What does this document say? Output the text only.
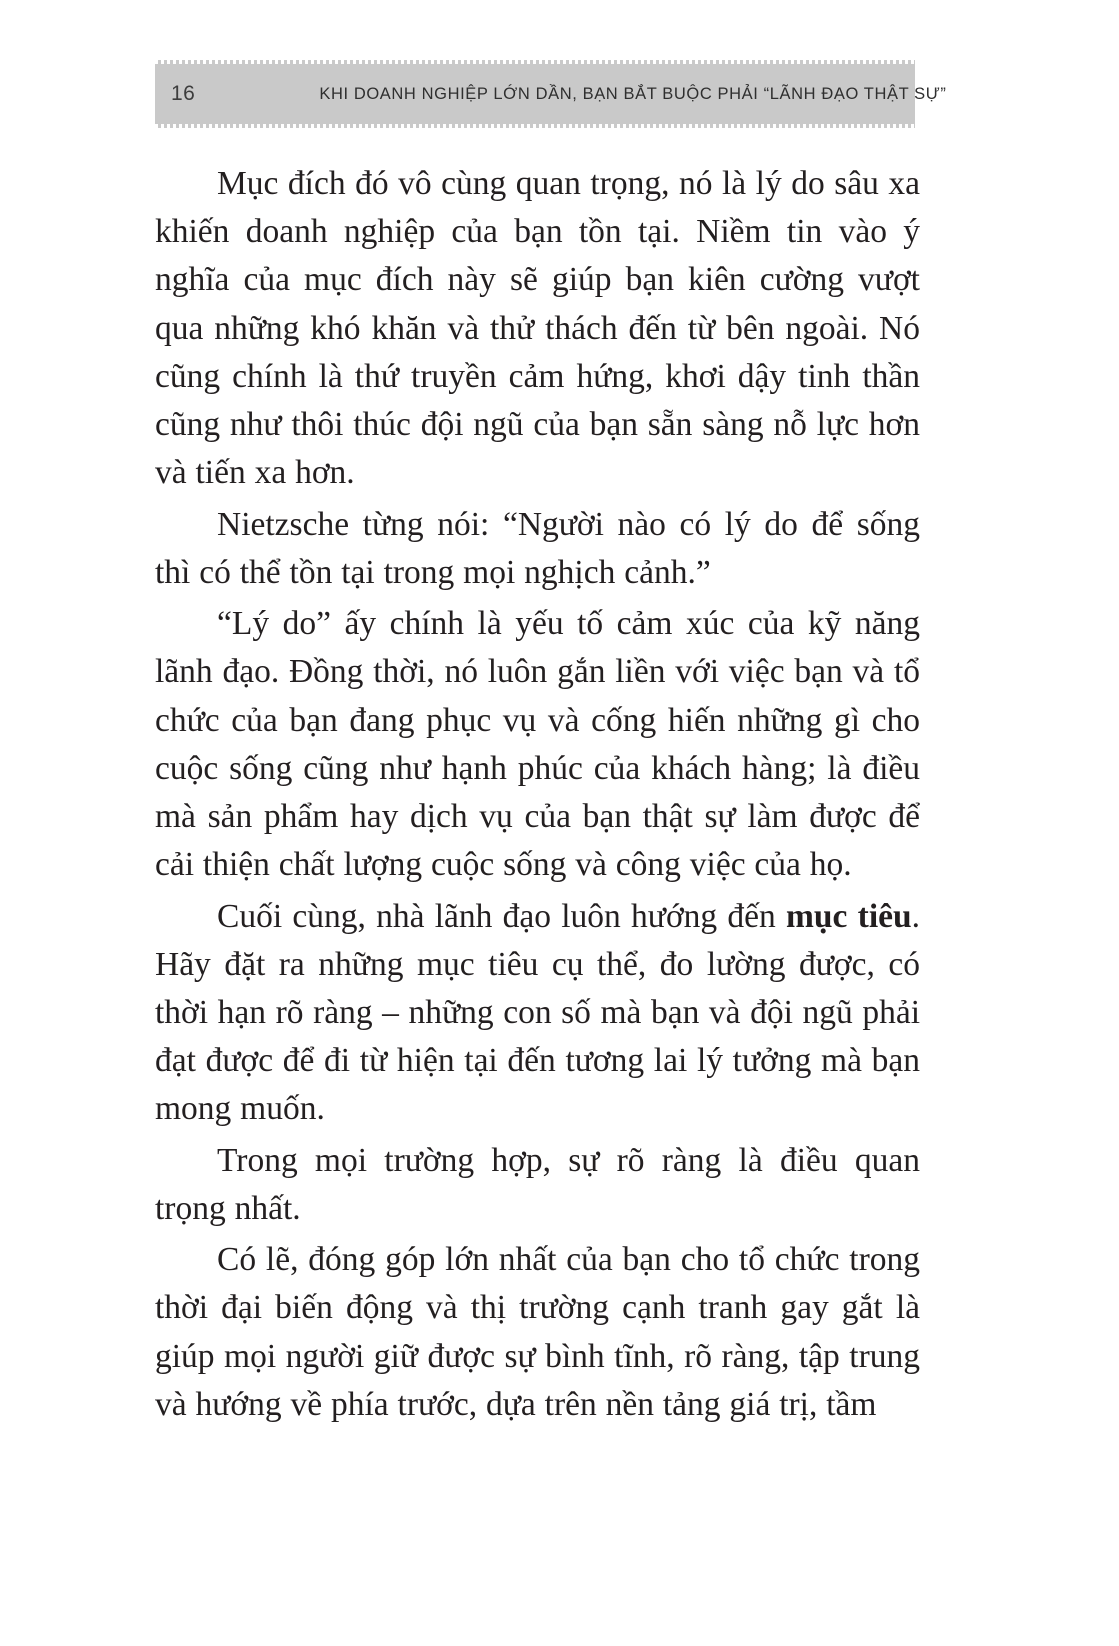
16	KHI DOANH NGHIỆP LỚN DẦN, BẠN BẮT BUỘC PHẢI “LÃNH ĐẠO THẬT SỰ”

Mục đích đó vô cùng quan trọng, nó là lý do sâu xa khiến doanh nghiệp của bạn tồn tại. Niềm tin vào ý nghĩa của mục đích này sẽ giúp bạn kiên cường vượt qua những khó khăn và thử thách đến từ bên ngoài. Nó cũng chính là thứ truyền cảm hứng, khơi dậy tinh thần cũng như thôi thúc đội ngũ của bạn sẵn sàng nỗ lực hơn và tiến xa hơn.

Nietzsche từng nói: “Người nào có lý do để sống thì có thể tồn tại trong mọi nghịch cảnh.”

“Lý do” ấy chính là yếu tố cảm xúc của kỹ năng lãnh đạo. Đồng thời, nó luôn gắn liền với việc bạn và tổ chức của bạn đang phục vụ và cống hiến những gì cho cuộc sống cũng như hạnh phúc của khách hàng; là điều mà sản phẩm hay dịch vụ của bạn thật sự làm được để cải thiện chất lượng cuộc sống và công việc của họ.

Cuối cùng, nhà lãnh đạo luôn hướng đến mục tiêu. Hãy đặt ra những mục tiêu cụ thể, đo lường được, có thời hạn rõ ràng – những con số mà bạn và đội ngũ phải đạt được để đi từ hiện tại đến tương lai lý tưởng mà bạn mong muốn.

Trong mọi trường hợp, sự rõ ràng là điều quan trọng nhất.

Có lẽ, đóng góp lớn nhất của bạn cho tổ chức trong thời đại biến động và thị trường cạnh tranh gay gắt là giúp mọi người giữ được sự bình tĩnh, rõ ràng, tập trung và hướng về phía trước, dựa trên nền tảng giá trị, tầm
